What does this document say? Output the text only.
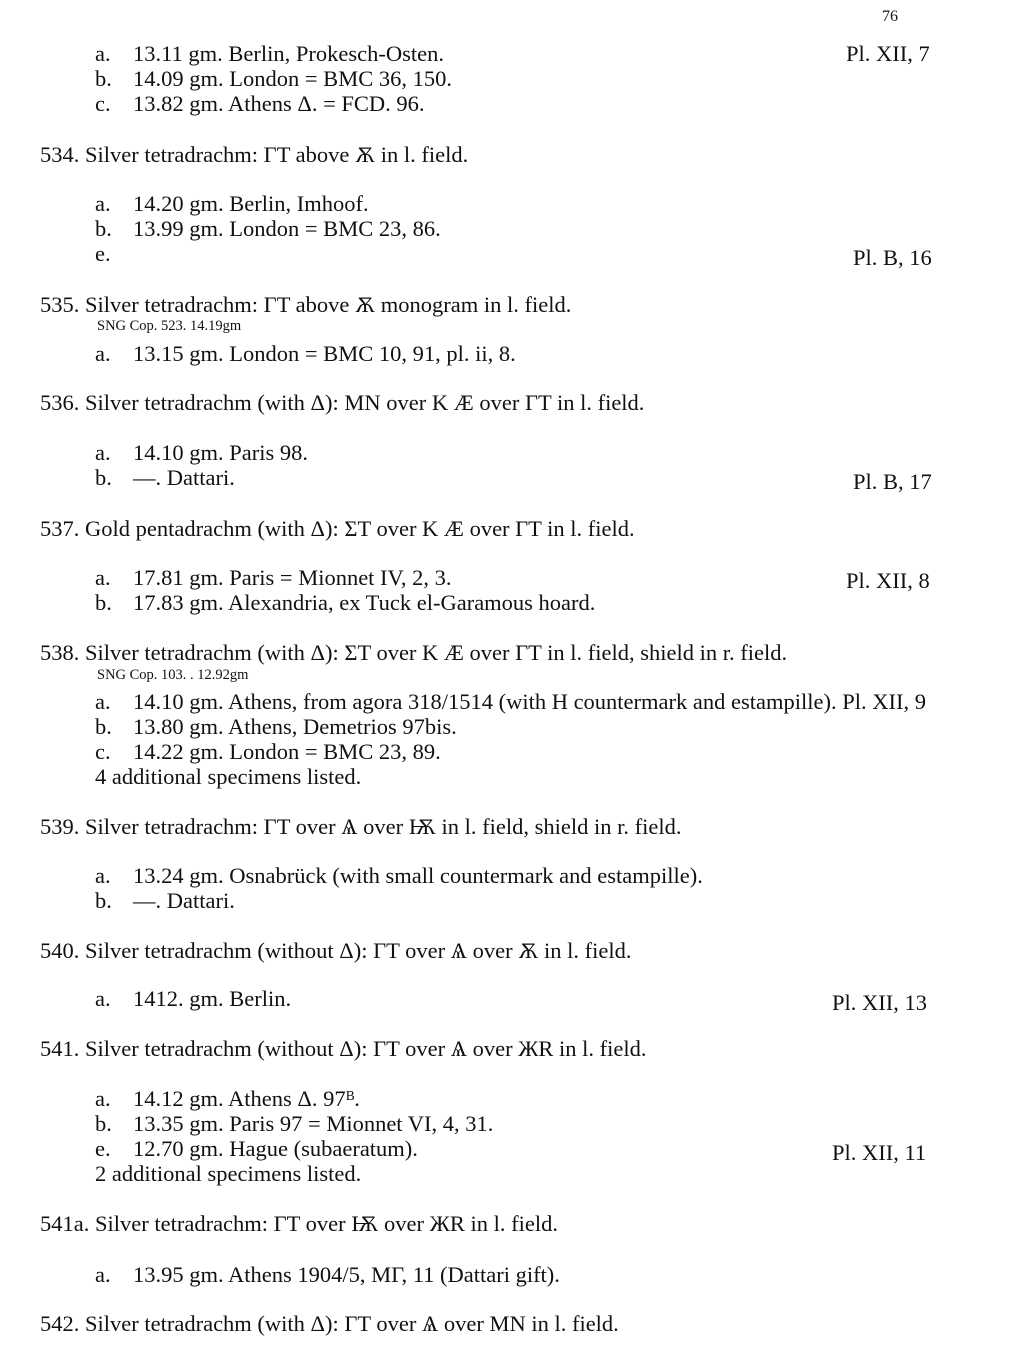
76
a. 13.11 gm. Berlin, Prokesch-Osten.	Pl. XII, 7
b. 14.09 gm. London = BMC 36, 150.
c. 13.82 gm. Athens Δ. = FCD. 96.
534. Silver tetradrachm: ΓT above Ѫ in l. field.
a. 14.20 gm. Berlin, Imhoof.
b. 13.99 gm. London = BMC 23, 86.
e.	Pl. B, 16
535. Silver tetradrachm: ΓT above Ѫ monogram in l. field.
a. 13.15 gm. London = BMC 10, 91, pl. ii, 8.
536. Silver tetradrachm (with Δ): MN over K Æ over ΓT in l. field.
a. 14.10 gm. Paris 98.
b. —. Dattari.	Pl. B, 17
537. Gold pentadrachm (with Δ): ΣT over K Æ over ΓT in l. field.
a. 17.81 gm. Paris = Mionnet IV, 2, 3.	Pl. XII, 8
b. 17.83 gm. Alexandria, ex Tuck el-Garamous hoard.
538. Silver tetradrachm (with Δ): ΣT over K Æ over ΓT in l. field, shield in r. field.
a. 14.10 gm. Athens, from agora 318/1514 (with H countermark and estampille). Pl. XII, 9
b. 13.80 gm. Athens, Demetrios 97bis.
c. 14.22 gm. London = BMC 23, 89.
4 additional specimens listed.
539. Silver tetradrachm: ΓT over Ѧ over Ѭ in l. field, shield in r. field.
a. 13.24 gm. Osnabrück (with small countermark and estampille).
b. —. Dattari.
540. Silver tetradrachm (without Δ): ΓT over Ѧ over Ѫ in l. field.
a. 1412. gm. Berlin.	Pl. XII, 13
541. Silver tetradrachm (without Δ): ΓT over Ѧ over ЖR in l. field.
a. 14.12 gm. Athens Δ. 97ᴮ.
b. 13.35 gm. Paris 97 = Mionnet VI, 4, 31.
e. 12.70 gm. Hague (subaeratum).	Pl. XII, 11
2 additional specimens listed.
541a. Silver tetradrachm: ΓT over Ѭ over ЖR in l. field.
a. 13.95 gm. Athens 1904/5, MΓ, 11 (Dattari gift).
542. Silver tetradrachm (with Δ): ΓT over Ѧ over MN in l. field.
SNG Cop. 523. 14.19gm
SNG Cop. 103. . 12.92gm
